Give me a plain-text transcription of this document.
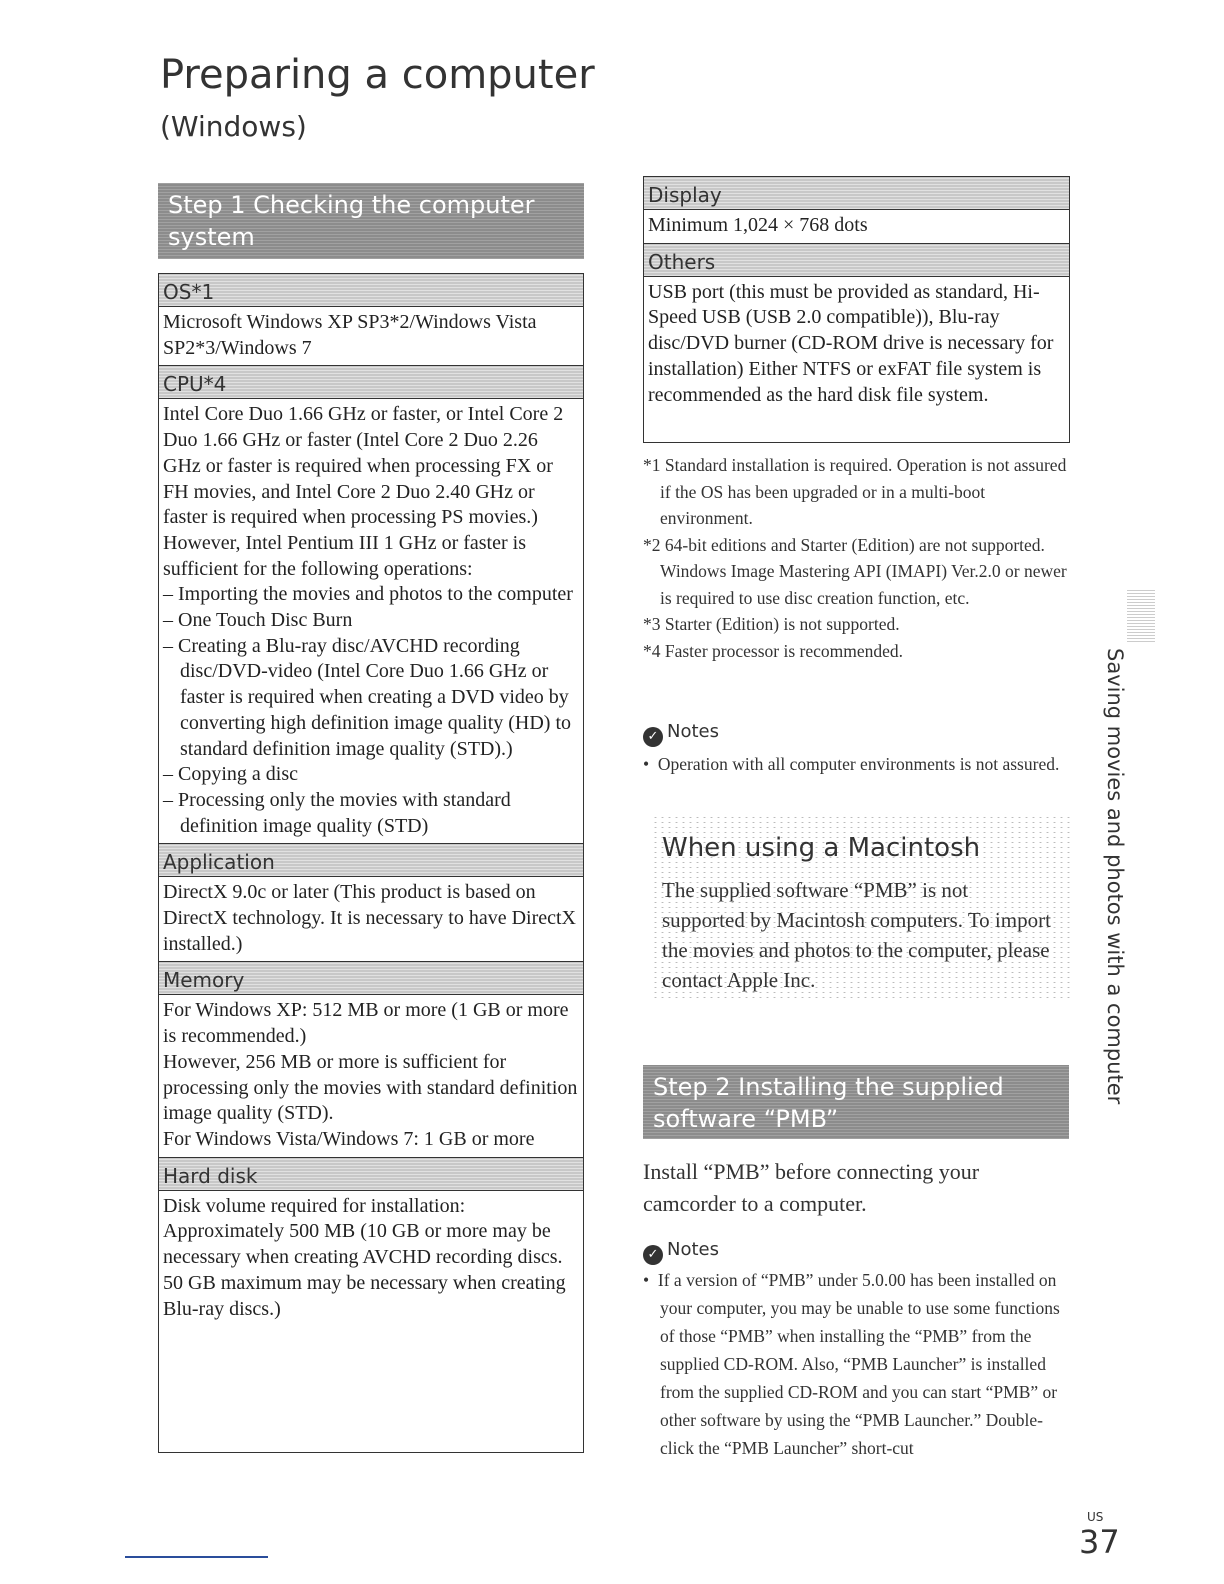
Preparing a computer
(Windows)
Step 1 Checking the computer system
OS*1
Microsoft Windows XP SP3*2/Windows Vista SP2*3/Windows 7
CPU*4

Intel Core Duo 1.66 GHz or faster, or Intel Core 2 Duo 1.66 GHz or faster (Intel Core 2 Duo 2.26 GHz or faster is required when processing FX or FH movies, and Intel Core 2 Duo 2.40 GHz or faster is required when processing PS movies.)

However, Intel Pentium III 1 GHz or faster is sufficient for the following operations:

– Importing the movies and photos to the computer
– One Touch Disc Burn
– Creating a Blu-ray disc/AVCHD recording disc/DVD-video (Intel Core Duo 1.66 GHz or faster is required when creating a DVD video by converting high definition image quality (HD) to standard definition image quality (STD).)
– Copying a disc
– Processing only the movies with standard definition image quality (STD)
Application
DirectX 9.0c or later (This product is based on DirectX technology. It is necessary to have DirectX installed.)
Memory

For Windows XP: 512 MB or more (1 GB or more is recommended.)

However, 256 MB or more is sufficient for processing only the movies with standard definition image quality (STD).

For Windows Vista/Windows 7: 1 GB or more

Hard disk
Disk volume required for installation: Approximately 500 MB (10 GB or more may be necessary when creating AVCHD recording discs. 50 GB maximum may be necessary when creating Blu-ray discs.)
Display
Minimum 1,024 × 768 dots
Others
USB port (this must be provided as standard, Hi-Speed USB (USB 2.0 compatible)), Blu-ray disc/DVD burner (CD-ROM drive is necessary for installation) Either NTFS or exFAT file system is recommended as the hard disk file system.
*1 Standard installation is required. Operation is not assured if the OS has been upgraded or in a multi-boot environment.
*2 64-bit editions and Starter (Edition) are not supported. Windows Image Mastering API (IMAPI) Ver.2.0 or newer is required to use disc creation function, etc.
*3 Starter (Edition) is not supported.
*4 Faster processor is recommended.
✓ Notes
•  Operation with all computer environments is not assured.
When using a Macintosh
The supplied software “PMB” is not supported by Macintosh computers. To import the movies and photos to the computer, please contact Apple Inc.
Step 2 Installing the supplied software “PMB”
Install “PMB” before connecting your camcorder to a computer.
✓ Notes
•  If a version of “PMB” under 5.0.00 has been installed on your computer, you may be unable to use some functions of those “PMB” when installing the “PMB” from the supplied CD-ROM. Also, “PMB Launcher” is installed from the supplied CD-ROM and you can start “PMB” or other software by using the “PMB Launcher.” Double-click the “PMB Launcher” short-cut
Saving movies and photos with a computer
US
37
